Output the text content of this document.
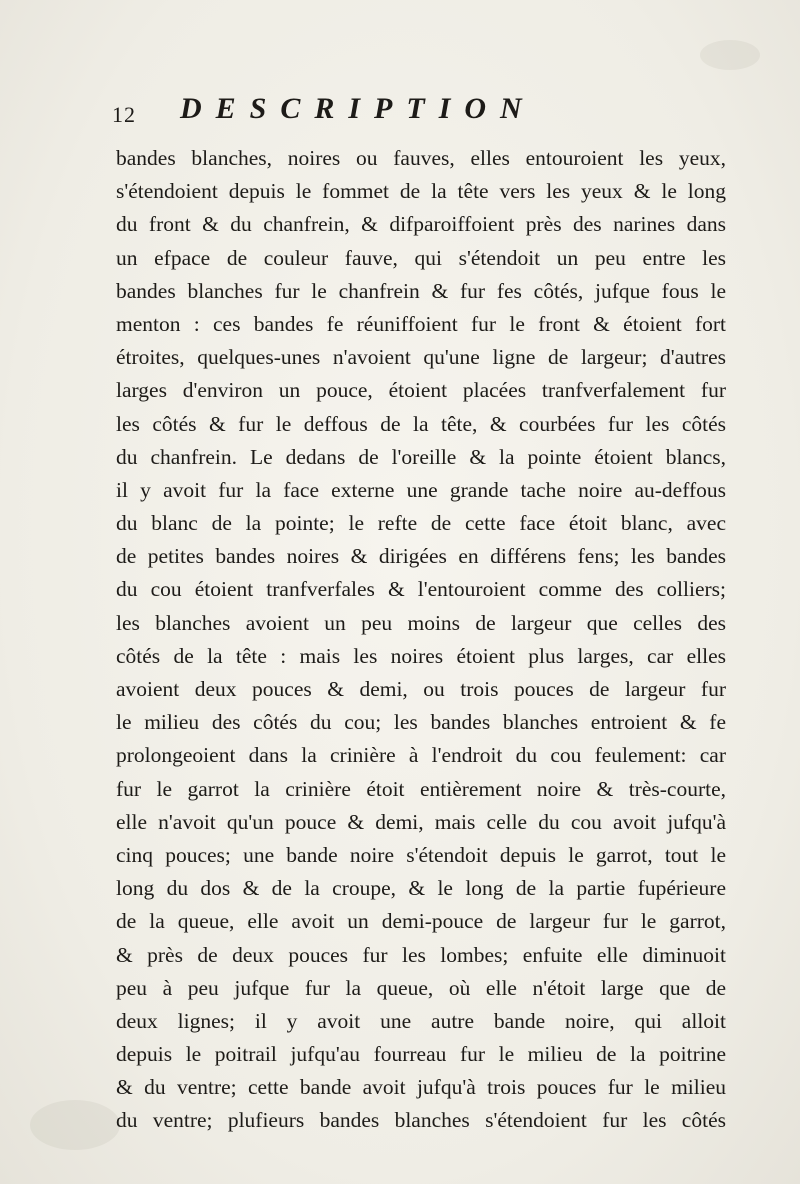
12 DESCRIPTION
bandes blanches, noires ou fauves, elles entouroient les yeux,
s'étendoient depuis le fommet de la tête vers les yeux & le long
du front & du chanfrein, & difparoiffoient près des narines dans
un efpace de couleur fauve, qui s'étendoit un peu entre les
bandes blanches fur le chanfrein & fur fes côtés, jufque fous le
menton : ces bandes fe réuniffoient fur le front & étoient fort
étroites, quelques-unes n'avoient qu'une ligne de largeur; d'autres
larges d'environ un pouce, étoient placées tranfverfalement fur
les côtés & fur le deffous de la tête, & courbées fur les côtés
du chanfrein. Le dedans de l'oreille & la pointe étoient blancs,
il y avoit fur la face externe une grande tache noire au-deffous
du blanc de la pointe; le refte de cette face étoit blanc, avec
de petites bandes noires & dirigées en différens fens; les bandes
du cou étoient tranfverfales & l'entouroient comme des colliers;
les blanches avoient un peu moins de largeur que celles des
côtés de la tête : mais les noires étoient plus larges, car elles
avoient deux pouces & demi, ou trois pouces de largeur fur
le milieu des côtés du cou; les bandes blanches entroient & fe
prolongeoient dans la crinière à l'endroit du cou feulement: car
fur le garrot la crinière étoit entièrement noire & très-courte,
elle n'avoit qu'un pouce & demi, mais celle du cou avoit jufqu'à
cinq pouces; une bande noire s'étendoit depuis le garrot, tout le
long du dos & de la croupe, & le long de la partie fupérieure
de la queue, elle avoit un demi-pouce de largeur fur le garrot,
& près de deux pouces fur les lombes; enfuite elle diminuoit
peu à peu jufque fur la queue, où elle n'étoit large que de
deux lignes; il y avoit une autre bande noire, qui alloit
depuis le poitrail jufqu'au fourreau fur le milieu de la poitrine
& du ventre; cette bande avoit jufqu'à trois pouces fur le milieu
du ventre; plufieurs bandes blanches s'étendoient fur les côtés
